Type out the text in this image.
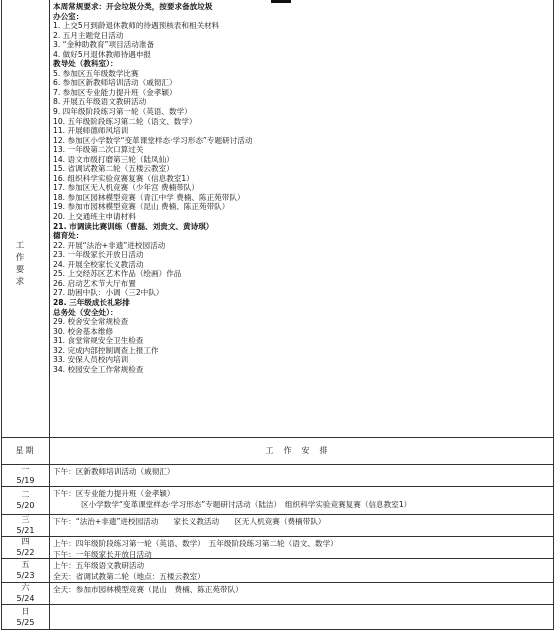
工作要求
本周常规要求：开会垃圾分类，按要求备放垃圾
办公室：
1. 上交5月到龄退休教师的待遇预核表和相关材料
2. 五月主题党日活动
3. “金种助教育”项目活动准备
4. 做好5月退休教师待遇申报
教导处（教科室）：
5. 参加区五年级数学比赛
6. 参加区新教师培训活动（戚彻汇）
7. 参加区专业能力提升班（金孝颖）
8. 开展五年级语文教研活动
9. 四年级阶段练习第一轮（英语、数学）
10. 五年级阶段练习第二轮（语文、数学）
11. 开展师德师风培训
12. 参加区小学数学“变革课堂样态·学习形态”专题研讨活动
13. 一年级第二次口算过关
14. 语文市级打磨第三轮（陆凤仙）
15. 省调试教第二轮（五楼云教室）
16. 组织科学实验竞赛复赛（信息教室1）
17. 参加区无人机竞赛（少年宫 费楠带队）
18. 参加区园林模型竞赛（青江中学 费楠、陈正苑带队）
19. 参加市园林模型竞赛（昆山 费楠、陈正苑带队）
20. 上交通班主申请材料
21. 市调读比赛训练（曹磊、刘贵文、黄诗琪）
德育处：
22. 开展“法治+非遗”进校园活动
23. 一年级家长开放日活动
24. 开展全校家长义教活动
25. 上交经苏区艺术作品（绘画）作品
26. 启动艺术节大厅布置
27. 助困中队：小调（三2中队）
28. 三年级成长礼彩排
总务处（安全处）：
29. 校舍安全常规检查
30. 校舍基本维修
31. 食堂常规安全卫生检查
32. 完成内部控制调查上报工作
33. 安保人员校内培训
34. 校园安全工作常规检查
星期	工作安排
一
5/19
下午：区新教师培训活动（戚彻汇）
二
5/20
下午：区专业能力提升班（金孝颖）
区小学数学“变革课堂样态·学习形态”专题研讨活动（陆洁）　组织科学实验竞赛复赛（信息教室1）
三
5/21
下午：“法治+非遗”进校园活动　　家长义教活动　　区无人机竞赛（费楠带队）
四
5/22
上午：四年级阶段练习第一轮（英语、数学）　五年级阶段练习第二轮（语文、数学）
下午：一年级家长开放日活动
五
5/23
上午：五年级语文教研活动
全天：省调试教第二轮（地点：五楼云教室）
六
5/24
全天：参加市园林模型竞赛（昆山　费楠、陈正苑带队）
日
5/25
